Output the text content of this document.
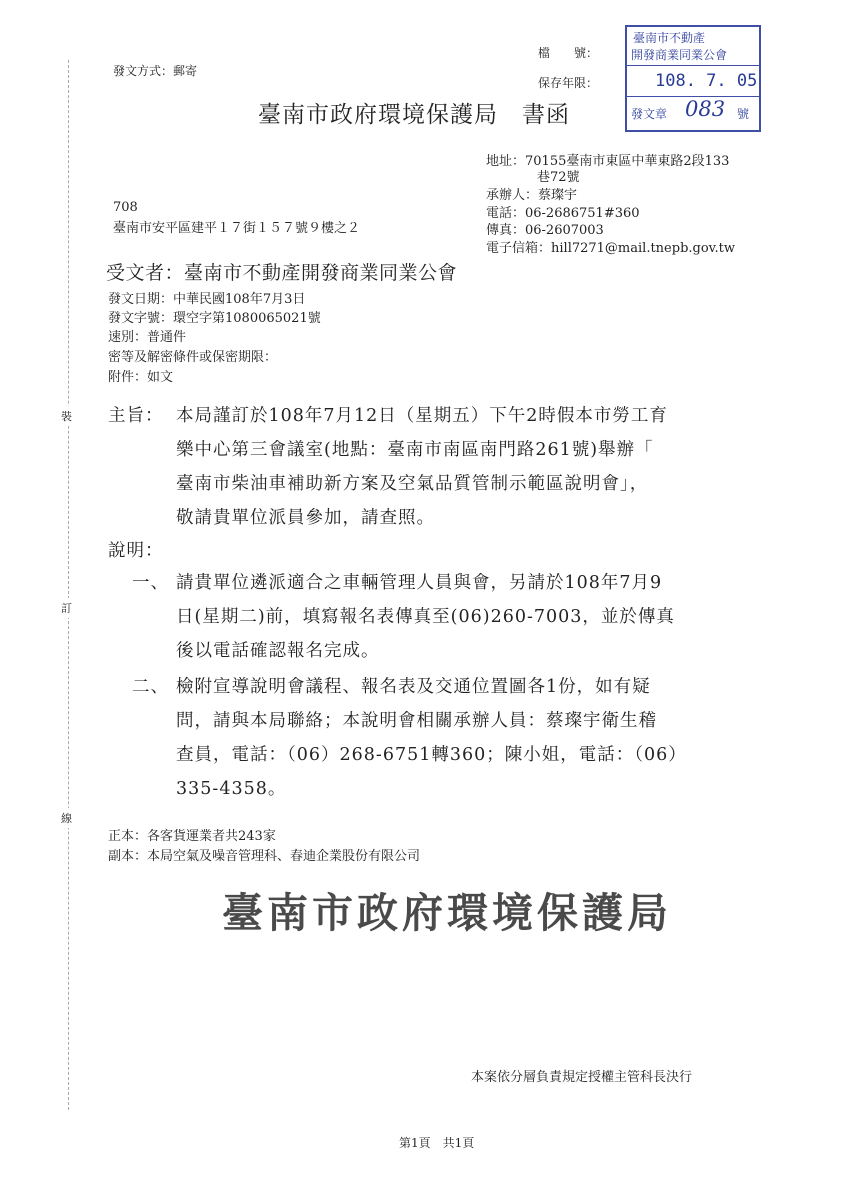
裝
訂
線
發文方式：郵寄
檔　　號：
保存年限：
臺南市不動產
開發商業同業公會
108. 7. 05
發文章 083 號
臺南市政府環境保護局　書函
地址：70155臺南市東區中華東路2段133
巷72號
承辦人：蔡璨宇
電話：06-2686751#360
傳真：06-2607003
電子信箱：hill7271@mail.tnepb.gov.tw
708
臺南市安平區建平１７街１５７號９樓之２
受文者：臺南市不動產開發商業同業公會
發文日期：中華民國108年7月3日
發文字號：環空字第1080065021號
速別：普通件
密等及解密條件或保密期限：
附件：如文
主旨： 本局謹訂於108年7月12日（星期五）下午2時假本市勞工育
樂中心第三會議室(地點：臺南市南區南門路261號)舉辦「
臺南市柴油車補助新方案及空氣品質管制示範區說明會」，
敬請貴單位派員參加，請查照。
說明：
一、 請貴單位遴派適合之車輛管理人員與會，另請於108年7月9
日(星期二)前，填寫報名表傳真至(06)260-7003，並於傳真
後以電話確認報名完成。
二、 檢附宣導說明會議程、報名表及交通位置圖各1份，如有疑
問，請與本局聯絡；本說明會相關承辦人員：蔡璨宇衛生稽
查員，電話：（06）268-6751轉360；陳小姐，電話：（06）
335-4358。
正本：各客貨運業者共243家
副本：本局空氣及噪音管理科、春迪企業股份有限公司
臺南市政府環境保護局
本案依分層負責規定授權主管科長決行
第1頁　共1頁
